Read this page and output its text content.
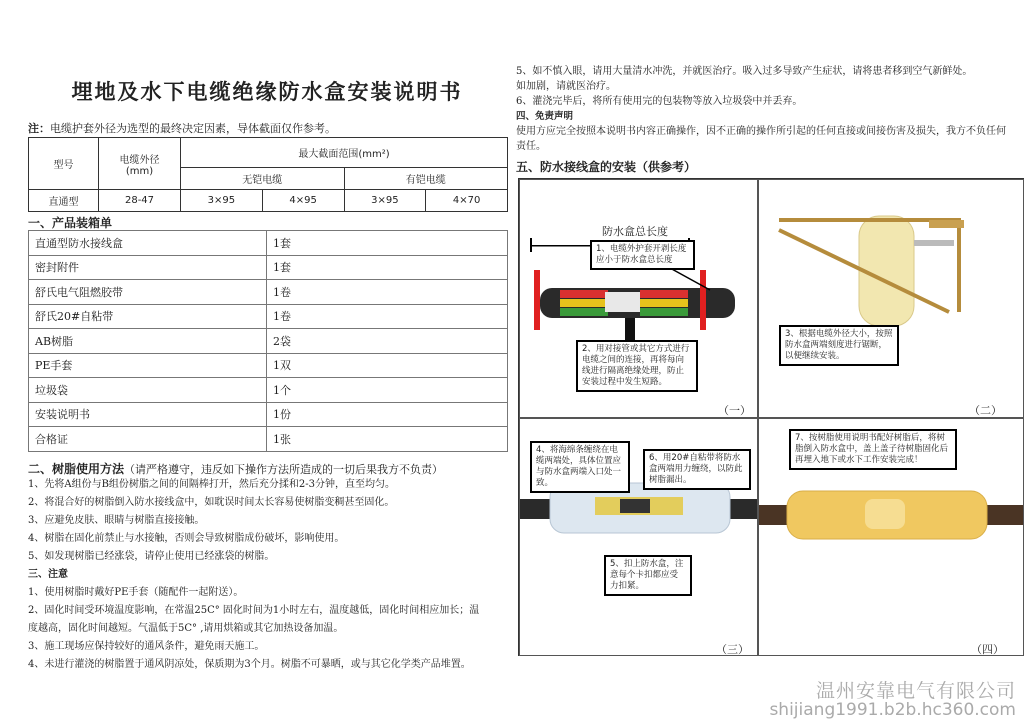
埋地及水下电缆绝缘防水盒安装说明书
注：电缆护套外径为选型的最终决定因素，导体截面仅作参考。
型号	电缆外径
(mm)	最大截面范围(mm²)			
		无铠电缆		有铠电缆	
直通型	28-47	3×95	4×95	3×95	4×70
一、产品装箱单
直通型防水接线盒	1套
密封附件	1套
舒氏电气阻燃胶带	1卷
舒氏20#自粘带	1卷
AB树脂	2袋
PE手套	1双
垃圾袋	1个
安装说明书	1份
合格证	1张
二、树脂使用方法（请严格遵守，违反如下操作方法所造成的一切后果我方不负责）
1、先将A组份与B组份树脂之间的间隔棒打开，然后充分揉和2-3分钟，直至均匀。
2、将混合好的树脂倒入防水接线盒中，如耽误时间太长容易使树脂变稠甚至固化。
3、应避免皮肤、眼睛与树脂直接接触。
4、树脂在固化前禁止与水接触，否则会导致树脂成份破坏，影响使用。
5、如发现树脂已经涨袋，请停止使用已经涨袋的树脂。
三、注意
1、使用树脂时戴好PE手套（随配件一起附送）。
2、固化时间受环境温度影响，在常温25C° 固化时间为1小时左右，温度越低，固化时间相应加长；温
度越高，固化时间越短。气温低于5C° ,请用烘箱或其它加热设备加温。
3、施工现场应保持较好的通风条件，避免雨天施工。
4、未进行灌浇的树脂置于通风阴凉处，保质期为3个月。树脂不可暴晒，或与其它化学类产品堆置。
5、如不慎入眼，请用大量清水冲洗，并就医治疗。吸入过多导致产生症状，请将患者移到空气新鲜处。
如加剧，请就医治疗。
6、灌浇完毕后，将所有使用完的包装物等放入垃圾袋中并丢弃。
四、免责声明
使用方应完全按照本说明书内容正确操作，因不正确的操作所引起的任何直接或间接伤害及损失，我方不负任何责任。
五、防水接线盒的安装（供参考）
防水盒总长度
1、电缆外护套开剥长度应小于防水盒总长度
2、用对接管或其它方式进行电缆之间的连接，再将每向线进行隔离绝缘处理，防止安装过程中发生短路。
（一）
3、根据电缆外径大小，按照防水盒两端刻度进行锯断，以便继续安装。
（二）
4、将海绵条缠绕在电缆两端处，具体位置应与防水盒两端入口处一致。
6、用20#自粘带将防水盒两端用力缠绕，以防此树脂漏出。
5、扣上防水盒，注意每个卡扣都应受力扣紧。
（三）
7、按树脂使用说明书配好树脂后，将树脂倒入防水盒中，盖上盖子待树脂固化后再埋入地下或水下工作安装完成！
（四）
温州安靠电气有限公司
shijiang1991.b2b.hc360.com
